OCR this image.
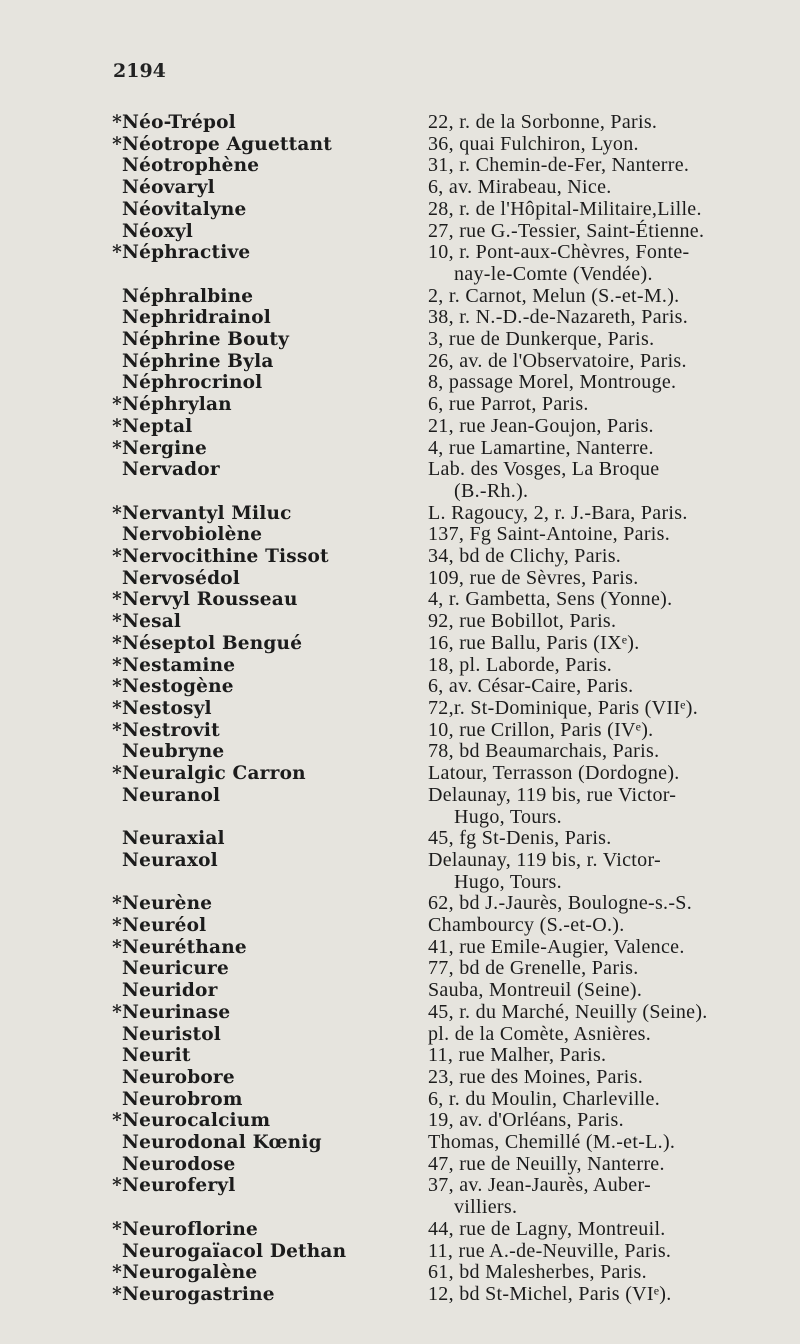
2194
*Néo-Trépol	22, r. de la Sorbonne, Paris.
*Néotrope Aguettant	36, quai Fulchiron, Lyon.
Néotrophène	31, r. Chemin-de-Fer, Nanterre.
Néovaryl	6, av. Mirabeau, Nice.
Néovitalyne	28, r. de l'Hôpital-Militaire,Lille.
Néoxyl	27, rue G.-Tessier, Saint-Étienne.
*Néphractive	10, r. Pont-aux-Chèvres, Fonte-
nay-le-Comte (Vendée).
Néphralbine	2, r. Carnot, Melun (S.-et-M.).
Nephridrainol	38, r. N.-D.-de-Nazareth, Paris.
Néphrine Bouty	3, rue de Dunkerque, Paris.
Néphrine Byla	26, av. de l'Observatoire, Paris.
Néphrocrinol	8, passage Morel, Montrouge.
*Néphrylan	6, rue Parrot, Paris.
*Neptal	21, rue Jean-Goujon, Paris.
*Nergine	4, rue Lamartine, Nanterre.
Nervador	Lab. des Vosges, La Broque
(B.-Rh.).
*Nervantyl Miluc	L. Ragoucy, 2, r. J.-Bara, Paris.
Nervobiolène	137, Fg Saint-Antoine, Paris.
*Nervocithine Tissot	34, bd de Clichy, Paris.
Nervosédol	109, rue de Sèvres, Paris.
*Nervyl Rousseau	4, r. Gambetta, Sens (Yonne).
*Nesal	92, rue Bobillot, Paris.
*Néseptol Bengué	16, rue Ballu, Paris (IXᵉ).
*Nestamine	18, pl. Laborde, Paris.
*Nestogène	6, av. César-Caire, Paris.
*Nestosyl	72,r. St-Dominique, Paris (VIIᵉ).
*Nestrovit	10, rue Crillon, Paris (IVᵉ).
Neubryne	78, bd Beaumarchais, Paris.
*Neuralgic Carron	Latour, Terrasson (Dordogne).
Neuranol	Delaunay, 119 bis, rue Victor-
Hugo, Tours.
Neuraxial	45, fg St-Denis, Paris.
Neuraxol	Delaunay, 119 bis, r. Victor-
Hugo, Tours.
*Neurène	62, bd J.-Jaurès, Boulogne-s.-S.
*Neuréol	Chambourcy (S.-et-O.).
*Neuréthane	41, rue Emile-Augier, Valence.
Neuricure	77, bd de Grenelle, Paris.
Neuridor	Sauba, Montreuil (Seine).
*Neurinase	45, r. du Marché, Neuilly (Seine).
Neuristol	pl. de la Comète, Asnières.
Neurit	11, rue Malher, Paris.
Neurobore	23, rue des Moines, Paris.
Neurobrom	6, r. du Moulin, Charleville.
*Neurocalcium	19, av. d'Orléans, Paris.
Neurodonal Kœnig	Thomas, Chemillé (M.-et-L.).
Neurodose	47, rue de Neuilly, Nanterre.
*Neuroferyl	37, av. Jean-Jaurès, Auber-
villiers.
*Neuroflorine	44, rue de Lagny, Montreuil.
Neurogaïacol Dethan	11, rue A.-de-Neuville, Paris.
*Neurogalène	61, bd Malesherbes, Paris.
*Neurogastrine	12, bd St-Michel, Paris (VIᵉ).
